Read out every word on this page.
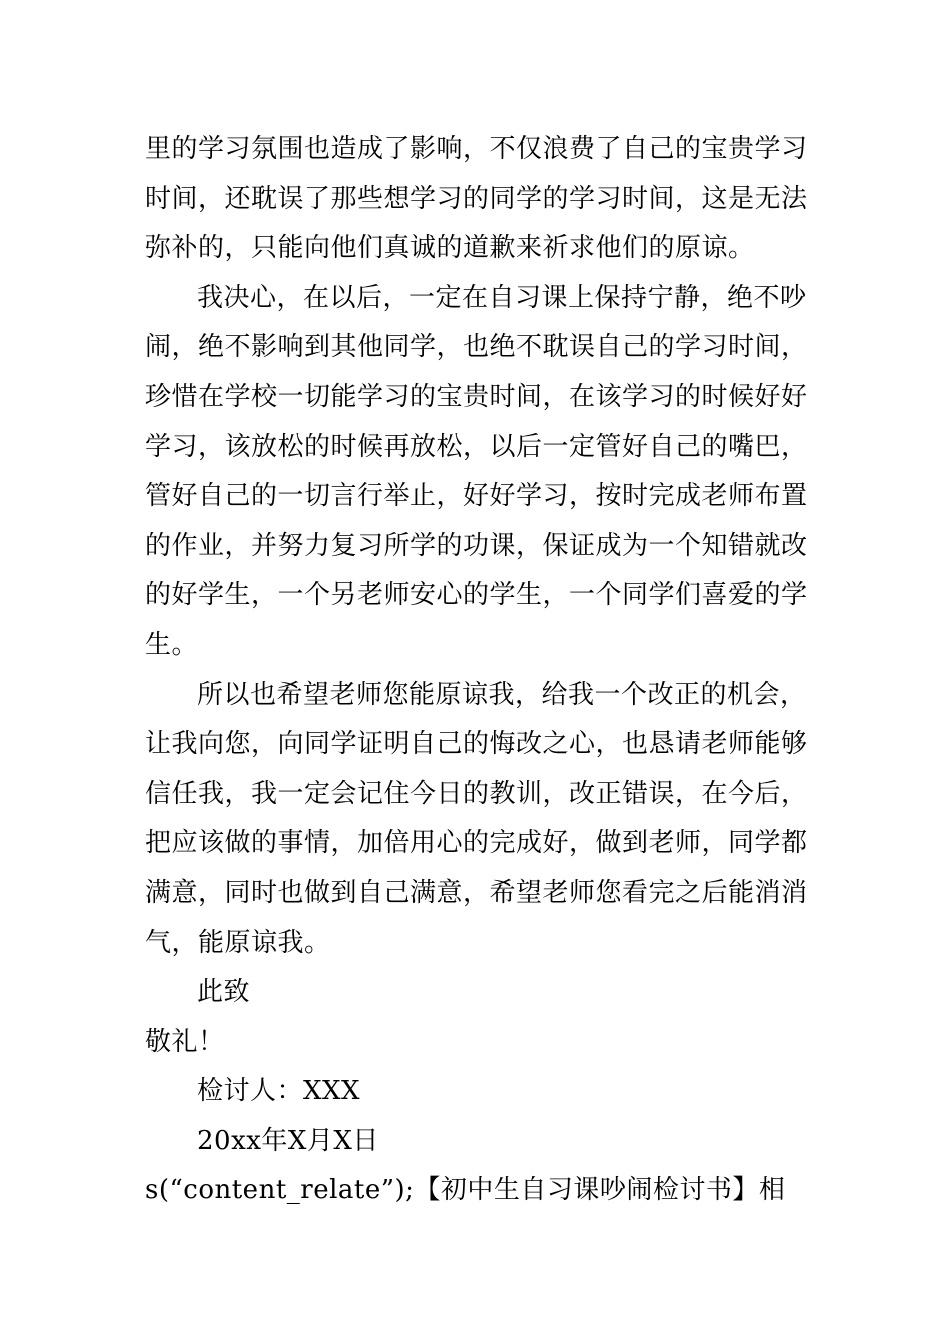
里的学习氛围也造成了影响，不仅浪费了自己的宝贵学习
时间，还耽误了那些想学习的同学的学习时间，这是无法
弥补的，只能向他们真诚的道歉来祈求他们的原谅。
我决心，在以后，一定在自习课上保持宁静，绝不吵
闹，绝不影响到其他同学，也绝不耽误自己的学习时间，
珍惜在学校一切能学习的宝贵时间，在该学习的时候好好
学习，该放松的时候再放松，以后一定管好自己的嘴巴，
管好自己的一切言行举止，好好学习，按时完成老师布置
的作业，并努力复习所学的功课，保证成为一个知错就改
的好学生，一个另老师安心的学生，一个同学们喜爱的学
生。
所以也希望老师您能原谅我，给我一个改正的机会，
让我向您，向同学证明自己的悔改之心，也恳请老师能够
信任我，我一定会记住今日的教训，改正错误，在今后，
把应该做的事情，加倍用心的完成好，做到老师，同学都
满意，同时也做到自己满意，希望老师您看完之后能消消
气，能原谅我。
此致
敬礼！
检讨人：XXX
20xx年X月X日
s(“content_relate”);【初中生自习课吵闹检讨书】相
